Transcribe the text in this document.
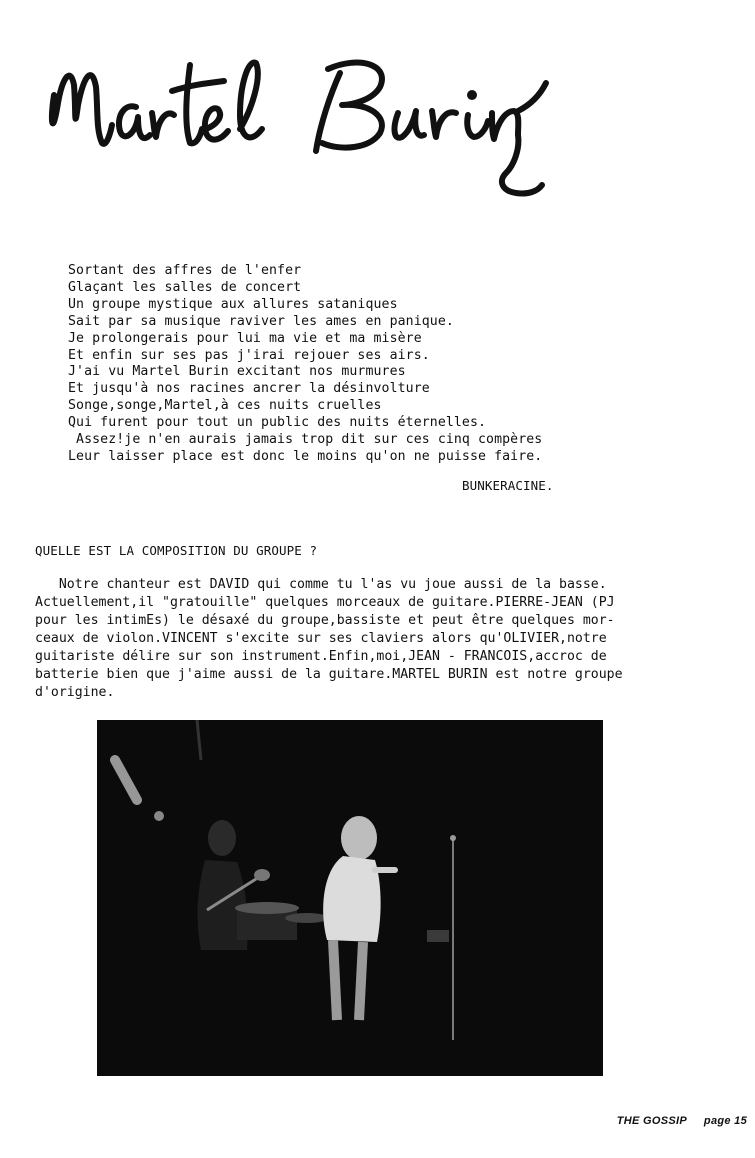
Sortant des affres de l'enfer
Glaçant les salles de concert
Un groupe mystique aux allures sataniques
Sait par sa musique raviver les ames en panique.
Je prolongerais pour lui ma vie et ma misère
Et enfin sur ses pas j'irai rejouer ses airs.
J'ai vu Martel Burin excitant nos murmures
Et jusqu'à nos racines ancrer la désinvolture
Songe,songe,Martel,à ces nuits cruelles
Qui furent pour tout un public des nuits éternelles.
Assez!je n'en aurais jamais trop dit sur ces cinq compères
Leur laisser place est donc le moins qu'on ne puisse faire.
BUNKERACINE.
QUELLE EST LA COMPOSITION DU GROUPE ?
Notre chanteur est DAVID qui comme tu l'as vu joue aussi de la basse.
Actuellement,il "gratouille" quelques morceaux de guitare.PIERRE-JEAN (PJ
pour les intimEs) le désaxé du groupe,bassiste et peut être quelques mor-
ceaux de violon.VINCENT s'excite sur ses claviers alors qu'OLIVIER,notre
guitariste délire sur son instrument.Enfin,moi,JEAN - FRANCOIS,accroc de
batterie bien que j'aime aussi de la guitare.MARTEL BURIN est notre groupe
d'origine.
THE GOSSIP page 15
